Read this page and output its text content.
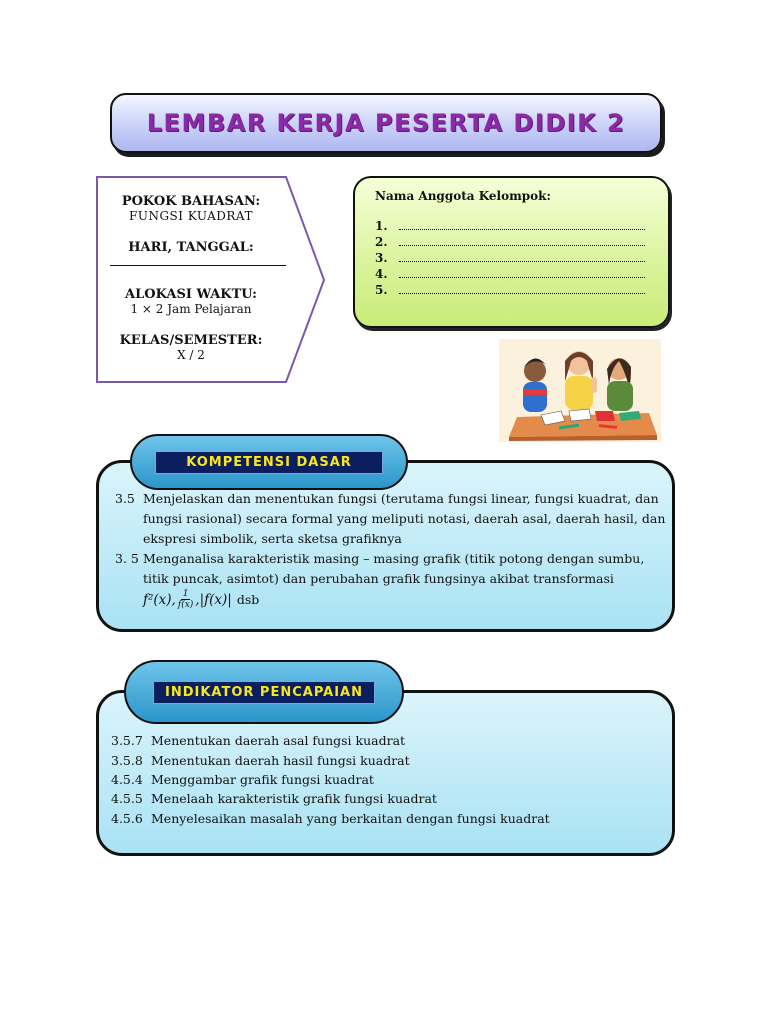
LEMBAR KERJA PESERTA DIDIK 2
POKOK BAHASAN:
FUNGSI KUADRAT
HARI, TANGGAL:
ALOKASI WAKTU:
1 × 2 Jam Pelajaran
KELAS/SEMESTER:
X / 2
Nama Anggota Kelompok:
1.
2.
3.
4.
5.
3.5 Menjelaskan dan menentukan fungsi (terutama fungsi linear, fungsi kuadrat, dan
fungsi rasional) secara formal yang meliputi notasi, daerah asal, daerah hasil, dan
ekspresi simbolik, serta sketsa grafiknya
3. 5 Menganalisa karakteristik masing – masing grafik (titik potong dengan sumbu,
titik puncak, asimtot) dan perubahan grafik fungsinya akibat transformasi
f²(x), $\frac{1}{f(x)} ,|f(x)|$ dsb
KOMPETENSI DASAR
3.5.7 Menentukan daerah asal fungsi kuadrat
3.5.8 Menentukan daerah hasil fungsi kuadrat
4.5.4 Menggambar grafik fungsi kuadrat
4.5.5 Menelaah karakteristik grafik fungsi kuadrat
4.5.6 Menyelesaikan masalah yang berkaitan dengan fungsi kuadrat
INDIKATOR PENCAPAIAN
